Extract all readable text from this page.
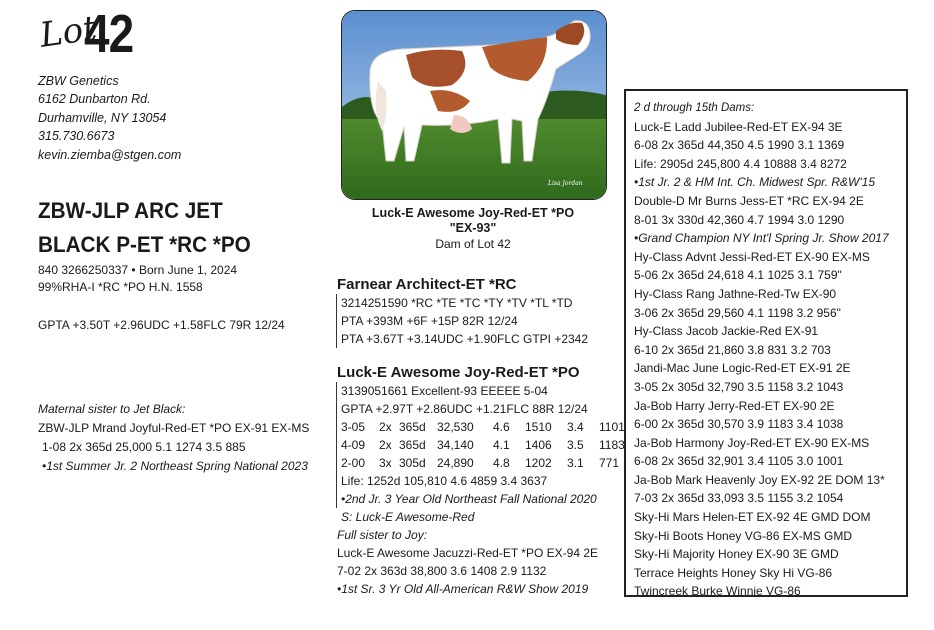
Lot
42
ZBW Genetics
6162 Dunbarton Rd.
Durhamville, NY 13054
315.730.6673
kevin.ziemba@stgen.com
ZBW-JLP ARC JET
BLACK P-ET *RC *PO
840 3266250337 • Born June 1, 2024
99%RHA-I *RC *PO H.N. 1558
GPTA +3.50T +2.96UDC +1.58FLC 79R 12/24
Maternal sister to Jet Black:
ZBW-JLP Mrand Joyful-Red-ET *PO EX-91 EX-MS
1-08 2x 365d 25,000 5.1 1274 3.5 885
•1st Summer Jr. 2 Northeast Spring National 2023
Lisa Jordan
Luck-E Awesome Joy-Red-ET *PO
"EX-93"
Dam of Lot 42
Farnear Architect-ET *RC
3214251590 *RC *TE *TC *TY *TV *TL *TD
PTA +393M +6F +15P 82R 12/24
PTA +3.67T +3.14UDC +1.90FLC GTPI +2342
Luck-E Awesome Joy-Red-ET *PO
3139051661 Excellent-93 EEEEE 5-04
GPTA +2.97T +2.86UDC +1.21FLC 88R 12/24
3-05	2x 365d 32,530	4.6	1510	3.4	1101
4-09	2x 365d 34,140	4.1	1406	3.5	1183
2-00	3x 305d 24,890	4.8	1202	3.1	771
Life: 1252d 105,810 4.6 4859 3.4 3637
•2nd Jr. 3 Year Old Northeast Fall National 2020
S: Luck-E Awesome-Red
Full sister to Joy:
Luck-E Awesome Jacuzzi-Red-ET *PO EX-94 2E
7-02 2x 363d 38,800 3.6 1408 2.9 1132
•1st Sr. 3 Yr Old All-American R&W Show 2019
2 d through 15th Dams:
Luck-E Ladd Jubilee-Red-ET EX-94 3E
6-08 2x 365d 44,350 4.5 1990 3.1 1369
Life: 2905d 245,800 4.4 10888 3.4 8272
•1st Jr. 2 & HM Int. Ch. Midwest Spr. R&W'15
Double-D Mr Burns Jess-ET *RC EX-94 2E
8-01 3x 330d 42,360 4.7 1994 3.0 1290
•Grand Champion NY Int'l Spring Jr. Show 2017
Hy-Class Advnt Jessi-Red-ET EX-90 EX-MS
5-06 2x 365d 24,618 4.1 1025 3.1 759"
Hy-Class Rang Jathne-Red-Tw EX-90
3-06 2x 365d 29,560 4.1 1198 3.2 956"
Hy-Class Jacob Jackie-Red EX-91
6-10 2x 365d 21,860 3.8 831 3.2 703
Jandi-Mac June Logic-Red-ET EX-91 2E
3-05 2x 305d 32,790 3.5 1158 3.2 1043
Ja-Bob Harry Jerry-Red-ET EX-90 2E
6-00 2x 365d 30,570 3.9 1183 3.4 1038
Ja-Bob Harmony Joy-Red-ET EX-90 EX-MS
6-08 2x 365d 32,901 3.4 1105 3.0 1001
Ja-Bob Mark Heavenly Joy EX-92 2E DOM 13*
7-03 2x 365d 33,093 3.5 1155 3.2 1054
Sky-Hi Mars Helen-ET EX-92 4E GMD DOM
Sky-Hi Boots Honey VG-86 EX-MS GMD
Sky-Hi Majority Honey EX-90 3E GMD
Terrace Heights Honey Sky Hi VG-86
Twincreek Burke Winnie VG-86
